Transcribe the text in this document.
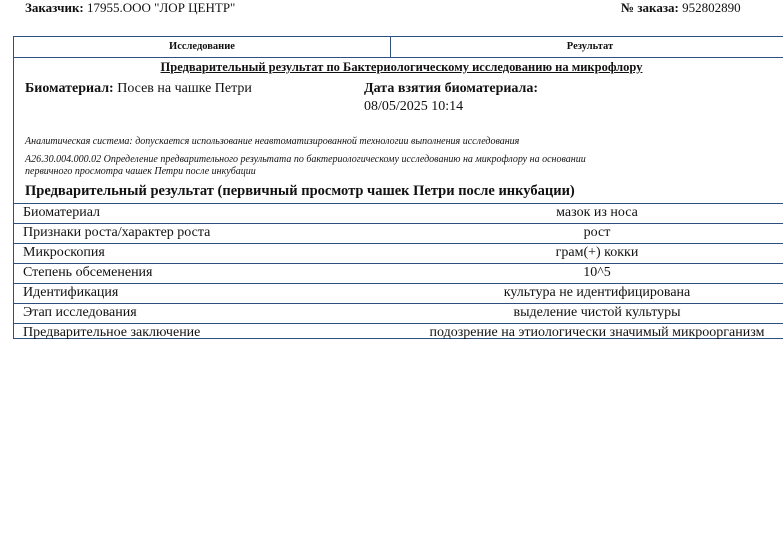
Заказчик: 17955.ООО "ЛОР ЦЕНТР"	№ заказа: 952802890
Исследование	Результат
Предварительный результат по Бактериологическому исследованию на микрофлору
Биоматериал: Посев на чашке Петри	Дата взятия биоматериала:
08/05/2025 10:14
Аналитическая система: допускается использование неавтоматизированной технологии выполнения исследования
A26.30.004.000.02 Определение предварительного результата по бактериологическому исследованию на микрофлору на основании
первичного просмотра чашек Петри после инкубации
Предварительный результат (первичный просмотр чашек Петри после инкубации)
Биоматериал	мазок из носа
Признаки роста/характер роста	рост
Микроскопия	грам(+) кокки
Степень обсеменения	10^5
Идентификация	культура не идентифицирована
Этап исследования	выделение чистой культуры
Предварительное заключение	подозрение на этиологически значимый микроорганизм
